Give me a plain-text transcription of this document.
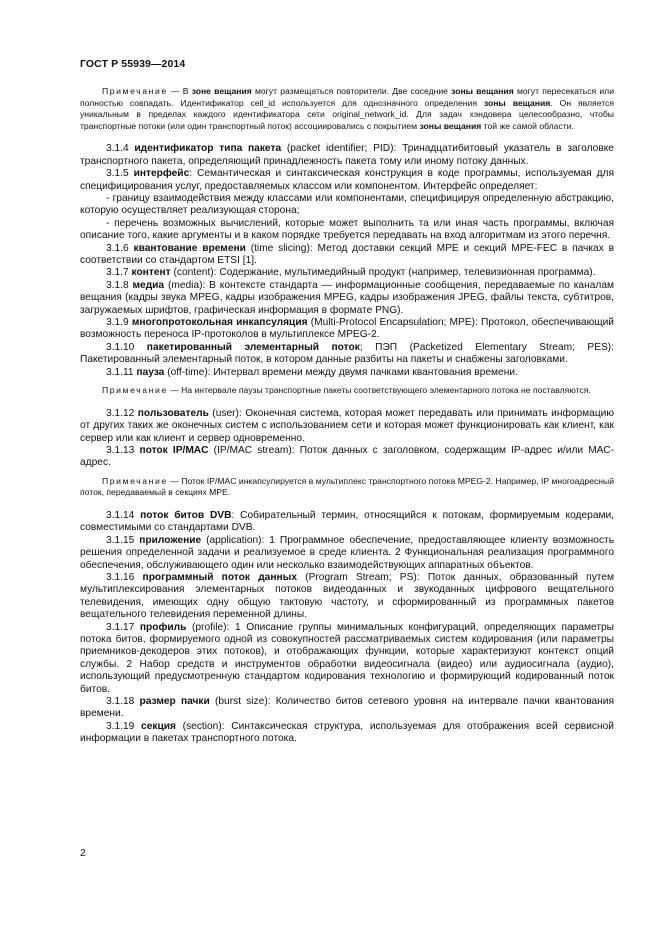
ГОСТ Р 55939—2014

Примечание — В зоне вещания могут размещаться повторители. Две соседние зоны вещания могут пересекаться или полностью совпадать. Идентификатор cell_id используется для однозначного определения зоны вещания. Он является уникальным в пределах каждого идентификатора сети original_network_id. Для задач хэндовера целесообразно, чтобы транспортные потоки (или один транспортный поток) ассоциировались с покрытием зоны вещания той же самой области.

3.1.4 идентификатор типа пакета (packet identifier; PID): Тринадцатибитовый указатель в заголовке транспортного пакета, определяющий принадлежность пакета тому или иному потоку данных.

3.1.5 интерфейс: Семантическая и синтаксическая конструкция в коде программы, используемая для специфицирования услуг, предоставляемых классом или компонентом. Интерфейс определяет:

- границу взаимодействия между классами или компонентами, специфицируя определенную абстракцию, которую осуществляет реализующая сторона;

- перечень возможных вычислений, которые может выполнить та или иная часть программы, включая описание того, какие аргументы и в каком порядке требуется передавать на вход алгоритмам из этого перечня.

3.1.6 квантование времени (time slicing): Метод доставки секций МРЕ и секций MPE-FEC в пачках в соответствии со стандартом ETSI [1].

3.1.7 контент (content): Содержание, мультимедийный продукт (например, телевизионная программа).

3.1.8 медиа (media): В контексте стандарта — информационные сообщения, передаваемые по каналам вещания (кадры звука MPEG, кадры изображения MPEG, кадры изображения JPEG, файлы текста, субтитров, загружаемых шрифтов, графическая информация в формате PNG).

3.1.9 многопротокольная инкапсуляция (Multi-Protocol Encapsulation; MPE): Протокол, обеспечивающий возможность переноса IP-протоколов в мультиплексе MPEG-2.

3.1.10 пакетированный элементарный поток; ПЭП (Packetized Elementary Stream; PES): Пакетированный элементарный поток, в котором данные разбиты на пакеты и снабжены заголовками.

3.1.11 пауза (off-time): Интервал времени между двумя пачками квантования времени.

Примечание — На интервале паузы транспортные пакеты соответствующего элементарного потока не поставляются.

3.1.12 пользователь (user): Оконечная система, которая может передавать или принимать информацию от других таких же оконечных систем с использованием сети и которая может функционировать как клиент, как сервер или как клиент и сервер одновременно.

3.1.13 поток IP/MAC (IP/MAC stream): Поток данных с заголовком, содержащим IP-адрес и/или МАС-адрес.

Примечание — Поток IP/MAC инкапсулируется в мультиплекс транспортного потока MPEG-2. Например, IP многоадресный поток, передаваемый в секциях МРЕ.

3.1.14 поток битов DVB: Собирательный термин, относящийся к потокам, формируемым кодерами, совместимыми со стандартами DVB.

3.1.15 приложение (application): 1 Программное обеспечение, предоставляющее клиенту возможность решения определенной задачи и реализуемое в среде клиента. 2 Функциональная реализация программного обеспечения, обслуживающего один или несколько взаимодействующих аппаратных объектов.

3.1.16 программный поток данных (Program Stream; PS): Поток данных, образованный путем мультиплексирования элементарных потоков видеоданных и звукоданных цифрового вещательного телевидения, имеющих одну общую тактовую частоту, и сформированный из программных пакетов вещательного телевидения переменной длины.

3.1.17 профиль (profile): 1 Описание группы минимальных конфигураций, определяющих параметры потока битов, формируемого одной из совокупностей рассматриваемых систем кодирования (или параметры приемников-декодеров этих потоков), и отображающих функции, которые характеризуют контекст опций службы. 2 Набор средств и инструментов обработки видеосигнала (видео) или аудиосигнала (аудио), использующий предусмотренную стандартом кодирования технологию и формирующий кодированный поток битов.

3.1.18 размер пачки (burst size): Количество битов сетевого уровня на интервале пачки квантования времени.

3.1.19 секция (section): Синтаксическая структура, используемая для отображения всей сервисной информации в пакетах транспортного потока.

2
